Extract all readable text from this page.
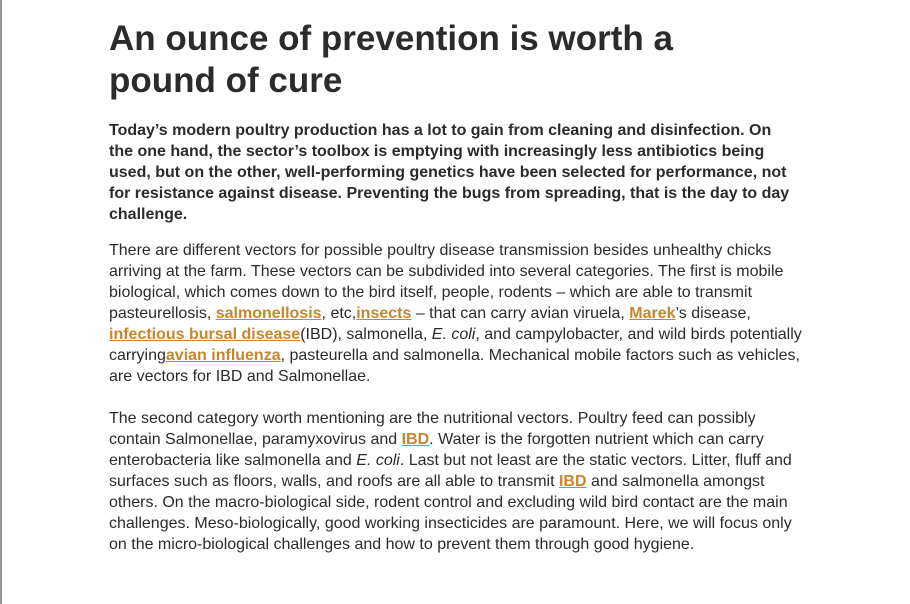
An ounce of prevention is worth a pound of cure

Today’s modern poultry production has a lot to gain from cleaning and disinfection. On the one hand, the sector’s toolbox is emptying with increasingly less antibiotics being used, but on the other, well-performing genetics have been selected for performance, not for resistance against disease. Preventing the bugs from spreading, that is the day to day challenge.

There are different vectors for possible poultry disease transmission besides unhealthy chicks arriving at the farm. These vectors can be subdivided into several categories. The first is mobile biological, which comes down to the bird itself, people, rodents – which are able to transmit pasteurellosis, salmonellosis, etc,insects – that can carry avian viruela, Marek’s disease, infectious bursal disease(IBD), salmonella, E. coli, and campylobacter, and wild birds potentially carryingavian influenza, pasteurella and salmonella. Mechanical mobile factors such as vehicles, are vectors for IBD and Salmonellae.

The second category worth mentioning are the nutritional vectors. Poultry feed can possibly contain Salmonellae, paramyxovirus and IBD. Water is the forgotten nutrient which can carry enterobacteria like salmonella and E. coli. Last but not least are the static vectors. Litter, fluff and surfaces such as floors, walls, and roofs are all able to transmit IBD and salmonella amongst others. On the macro-biological side, rodent control and excluding wild bird contact are the main challenges. Meso-biologically, good working insecticides are paramount. Here, we will focus only on the micro-biological challenges and how to prevent them through good hygiene.
